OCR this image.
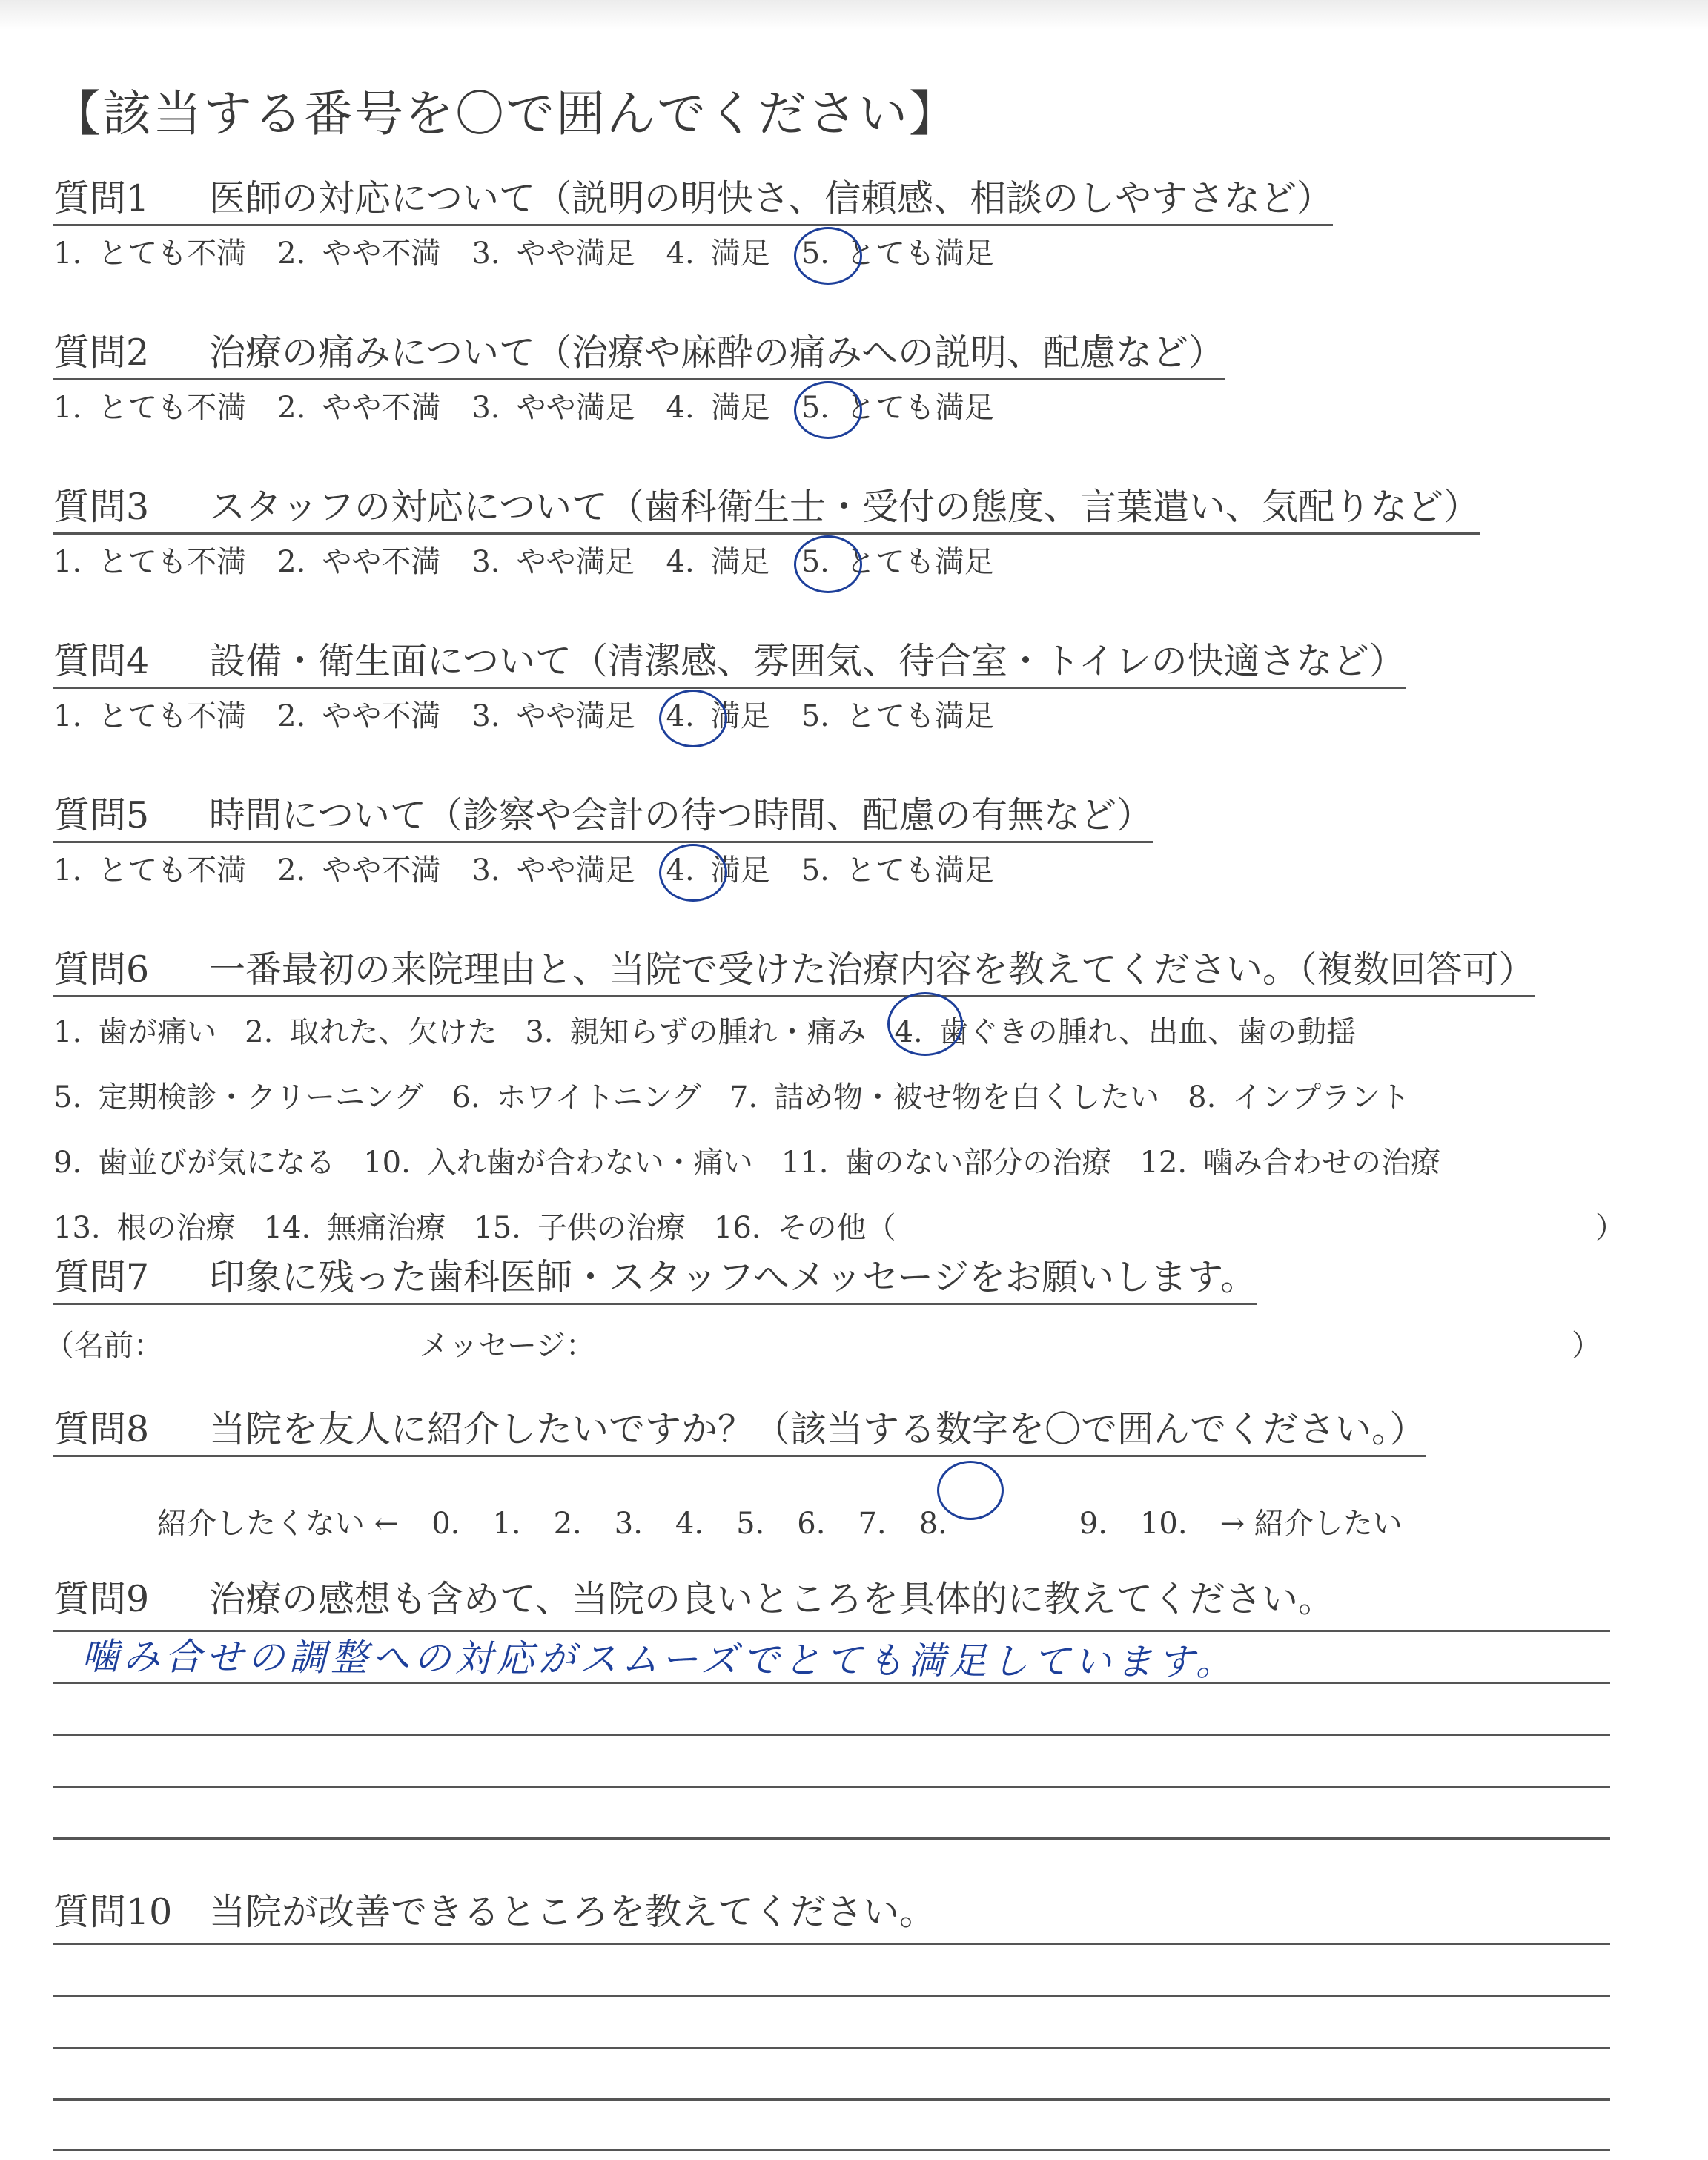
【該当する番号を〇で囲んでください】
質問1 医師の対応について（説明の明快さ、信頼感、相談のしやすさなど）
1. とても不満 2. やや不満 3. やや満足 4. 満足 5. とても満足
質問2 治療の痛みについて（治療や麻酔の痛みへの説明、配慮など）
1. とても不満 2. やや不満 3. やや満足 4. 満足 5. とても満足
質問3 スタッフの対応について（歯科衛生士・受付の態度、言葉遣い、気配りなど）
1. とても不満 2. やや不満 3. やや満足 4. 満足 5. とても満足
質問4 設備・衛生面について（清潔感、雰囲気、待合室・トイレの快適さなど）
1. とても不満 2. やや不満 3. やや満足 4. 満足 5. とても満足
質問5 時間について（診察や会計の待つ時間、配慮の有無など）
1. とても不満 2. やや不満 3. やや満足 4. 満足 5. とても満足
質問6 一番最初の来院理由と、当院で受けた治療内容を教えてください。（複数回答可）
1. 歯が痛い 2. 取れた、欠けた 3. 親知らずの腫れ・痛み 4. 歯ぐきの腫れ、出血、歯の動揺
5. 定期検診・クリーニング 6. ホワイトニング 7. 詰め物・被せ物を白くしたい 8. インプラント
9. 歯並びが気になる 10. 入れ歯が合わない・痛い 11. 歯のない部分の治療 12. 噛み合わせの治療
13. 根の治療 14. 無痛治療 15. 子供の治療 16. その他（	）
質問7 印象に残った歯科医師・スタッフへメッセージをお願いします。
（名前：	メッセージ：	）
質問8 当院を友人に紹介したいですか？（該当する数字を〇で囲んでください。）
紹介したくない ← 0. 1. 2. 3. 4. 5. 6. 7. 8.	9. 10. → 紹介したい
質問9 治療の感想も含めて、当院の良いところを具体的に教えてください。
噛み合せの調整への対応がスムーズでとても満足しています。
質問10 当院が改善できるところを教えてください。
